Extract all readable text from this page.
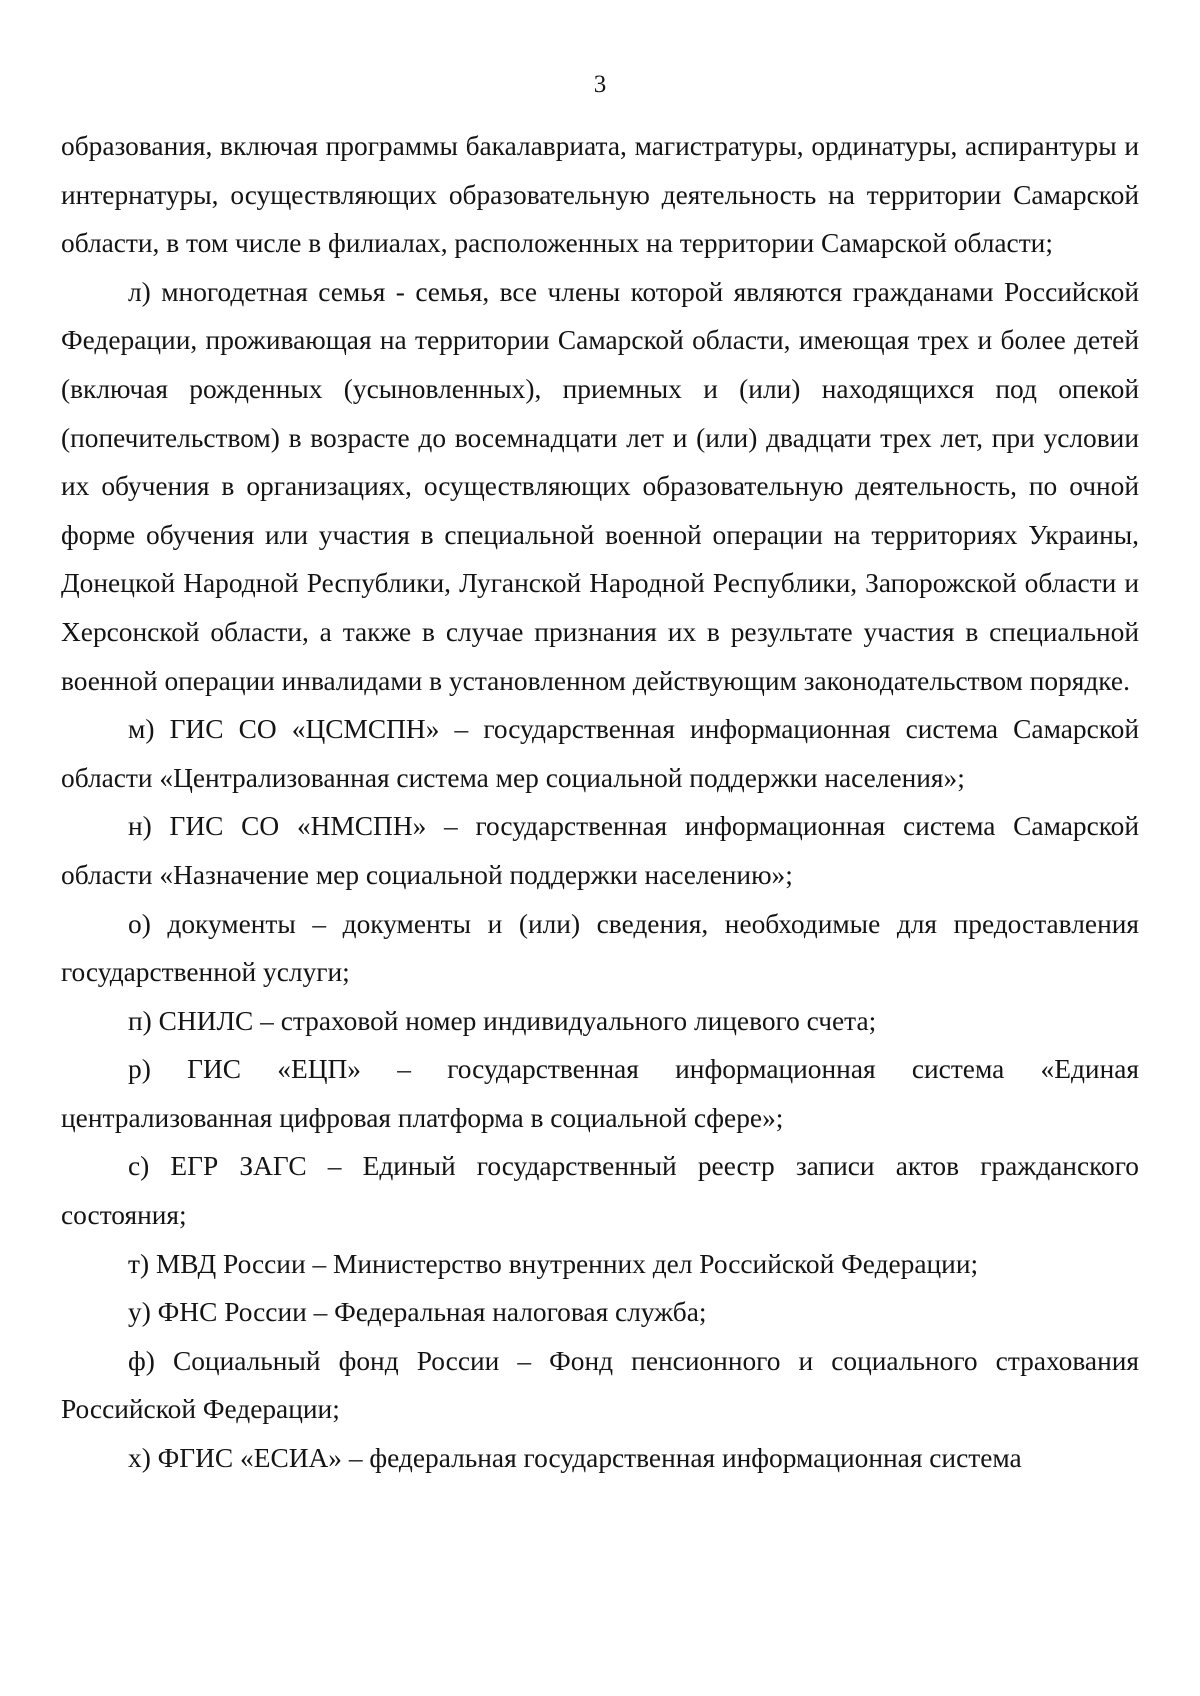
3

образования, включая программы бакалавриата, магистратуры, ординатуры, аспирантуры и интернатуры, осуществляющих образовательную деятельность на территории Самарской области, в том числе в филиалах, расположенных на территории Самарской области;

л) многодетная семья - семья, все члены которой являются гражданами Российской Федерации, проживающая на территории Самарской области, имеющая трех и более детей (включая рожденных (усыновленных), приемных и (или) находящихся под опекой (попечительством) в возрасте до восемнадцати лет и (или) двадцати трех лет, при условии их обучения в организациях, осуществляющих образовательную деятельность, по очной форме обучения или участия в специальной военной операции на территориях Украины, Донецкой Народной Республики, Луганской Народной Республики, Запорожской области и Херсонской области, а также в случае признания их в результате участия в специальной военной операции инвалидами в установленном действующим законодательством порядке.

м) ГИС СО «ЦСМСПН» – государственная информационная система Самарской области «Централизованная система мер социальной поддержки населения»;

н) ГИС СО «НМСПН» – государственная информационная система Самарской области «Назначение мер социальной поддержки населению»;

о) документы – документы и (или) сведения, необходимые для предоставления государственной услуги;

п) СНИЛС – страховой номер индивидуального лицевого счета;

р) ГИС «ЕЦП» – государственная информационная система «Единая централизованная цифровая платформа в социальной сфере»;

с) ЕГР ЗАГС – Единый государственный реестр записи актов гражданского состояния;

т) МВД России – Министерство внутренних дел Российской Федерации;

у) ФНС России – Федеральная налоговая служба;

ф) Социальный фонд России – Фонд пенсионного и социального страхования Российской Федерации;

х) ФГИС «ЕСИА» – федеральная государственная информационная система
